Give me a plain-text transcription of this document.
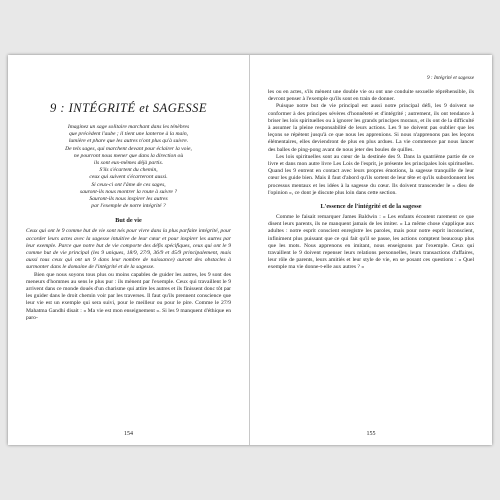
9 : INTÉGRITÉ et SAGESSE
Imaginez un sage solitaire marchant dans les ténèbres
que précèdent l'aube ; il tient une lanterne à la main,
lumière et phare que les autres n'ont plus qu'à suivre.
De tels sages, qui marchent devant pour éclairer la voie,
ne pourront nous mener que dans la direction où
ils sont eux-mêmes déjà partis.
S'ils s'écartent du chemin,
ceux qui suivent s'écarteront aussi.
Si ceux-ci ont l'âme de ces sages,
sauront-ils nous montrer la route à suivre ?
Sauront-ils nous inspirer les autres
par l'exemple de notre intégrité ?
But de vie

Ceux qui ont le 9 comme but de vie sont nés pour vivre dans la plus parfaite intégrité, pour accorder leurs actes avec la sagesse intuitive de leur cœur et pour inspirer les autres par leur exemple. Parce que notre but de vie comporte des défis spécifiques, ceux qui ont le 9 comme but de vie principal (les 9 uniques, 18/9, 27/9, 36/9 et 45/9 principalement, mais aussi tous ceux qui ont un 9 dans leur nombre de naissance) auront des obstacles à surmonter dans le domaine de l'intégrité et de la sagesse.

Bien que nous soyons tous plus ou moins capables de guider les autres, les 9 sont des meneurs d'hommes au sens le plus pur : ils mènent par l'exemple. Ceux qui travaillent le 9 arrivent dans ce monde doués d'un charisme qui attire les autres et ils finissent donc tôt par les guider dans le droit chemin voir par les traverses. Il faut qu'ils prennent conscience que leur vie est un exemple qui sera suivi, pour le meilleur ou pour le pire. Comme le 27/9 Mahatma Gandhi disait : « Ma vie est mon enseignement ». Si les 9 manquent d'éthique en paro-

154
9 : Intégrité et sagesse

les ou en actes, s'ils mènent une double vie ou ont une conduite sexuelle répréhensible, ils devront penser à l'exemple qu'ils sont en train de donner.

Puisque notre but de vie principal est aussi notre principal défi, les 9 doivent se conformer à des principes sévères d'honnêteté et d'intégrité ; autrement, ils ont tendance à briser les lois spirituelles ou à ignorer les grands principes moraux, et ils ont de la difficulté à assumer la pleine responsabilité de leurs actions. Les 9 ne doivent pas oublier que les leçons se répètent jusqu'à ce que nous les apprenions. Si nous n'apprenons pas les leçons élémentaires, elles deviendront de plus en plus ardues. La vie commence par nous lancer des balles de ping-pong avant de nous jeter des boules de quilles.

Les lois spirituelles sont au cœur de la destinée des 9. Dans la quatrième partie de ce livre et dans mon autre livre Les Lois de l'esprit, je présente les principales lois spirituelles. Quand les 9 entrent en contact avec leurs propres émotions, la sagesse tranquille de leur cœur les guide bien. Mais il faut d'abord qu'ils sortent de leur tête et qu'ils subordonnent les processus mentaux et les idées à la sagesse du cœur. Ils doivent transcender le « dieu de l'opinion », ce dont je discute plus loin dans cette section.

L'essence de l'intégrité et de la sagesse

Comme le faisait remarquer James Baldwin : « Les enfants écoutent rarement ce que disent leurs parents, ils ne manquent jamais de les imiter. » La même chose s'applique aux adultes : notre esprit conscient enregistre les paroles, mais pour notre esprit inconscient, infiniment plus puissant que ce qui fait qu'il se passe, les actions comptent beaucoup plus que les mots. Nous apprenons en imitant, nous enseignons par l'exemple. Ceux qui travaillent le 9 doivent repenser leurs relations personnelles, leurs transactions d'affaires, leur rôle de parents, leurs amitiés et leur style de vie, en se posant ces questions : « Quel exemple ma vie donne-t-elle aux autres ? »

155
